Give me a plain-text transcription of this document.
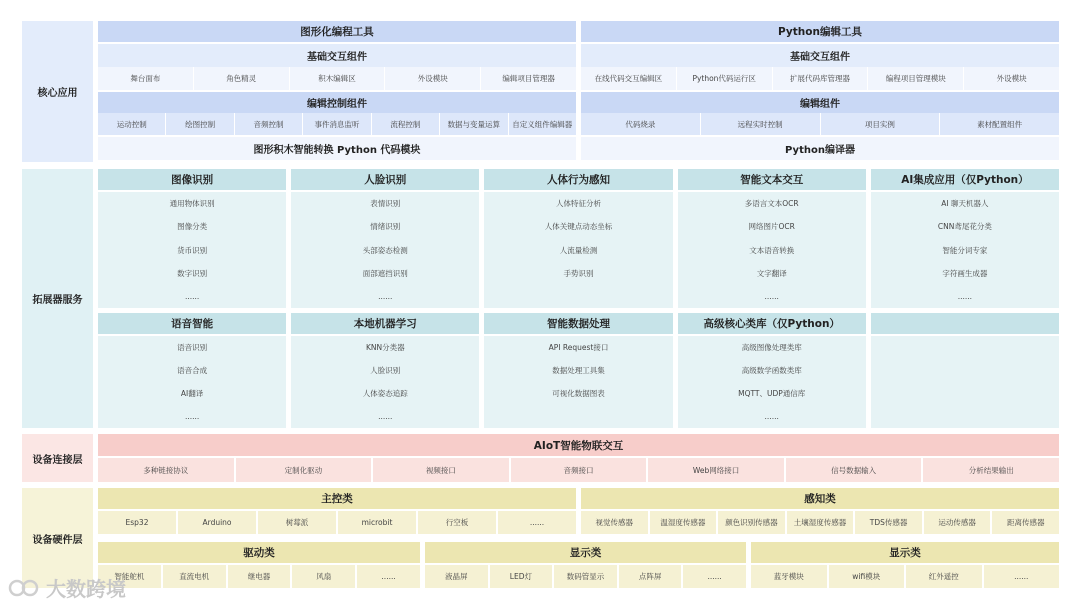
核心应用
图形化编程工具
基础交互组件
舞台面布	角色精灵	积木编辑区	外设模块	编辑项目管理器
编辑控制组件
运动控制	绘图控制	音频控制	事件消息监听	流程控制	数据与变量运算	自定义组件编辑器
图形积木智能转换 Python 代码模块
Python编辑工具
基础交互组件
在线代码交互编辑区	Python代码运行区	扩展代码库管理器	编程项目管理模块	外设模块
编辑组件
代码烧录	远程实时控制	项目实例	素材配置组件
Python编译器
拓展器服务
图像识别
通用物体识别
图像分类
货币识别
数字识别
......
人脸识别
表情识别
情绪识别
头部姿态检测
面部遮挡识别
......
人体行为感知
人体特征分析
人体关键点动态坐标
人流量检测
手势识别
智能文本交互
多语言文本OCR
网络图片OCR
文本语音转换
文字翻译
......
AI集成应用（仅Python）
AI 聊天机器人
CNN鸢尾花分类
智能分词专家
字符画生成器
......
语音智能
语音识别
语音合成
AI翻译
......
本地机器学习
KNN分类器
人脸识别
人体姿态追踪
......
智能数据处理
API Request接口
数据处理工具集
可视化数据图表
高级核心类库（仅Python）
高级图像处理类库
高级数学函数类库
MQTT、UDP通信库
......
设备连接层
AIoT智能物联交互
多种链接协议	定制化驱动	视频接口	音频接口	Web网络接口	信号数据输入	分析结果输出
设备硬件层
主控类
Esp32	Arduino	树莓派	microbit	行空板	......
感知类
视觉传感器	温湿度传感器	颜色识别传感器	土壤湿度传感器	TDS传感器	运动传感器	距离传感器
驱动类
智能舵机	直流电机	继电器	风扇	......
显示类
液晶屏	LED灯	数码管显示	点阵屏	......
显示类
蓝牙模块	wifi模块	红外遥控	......
大数跨境
